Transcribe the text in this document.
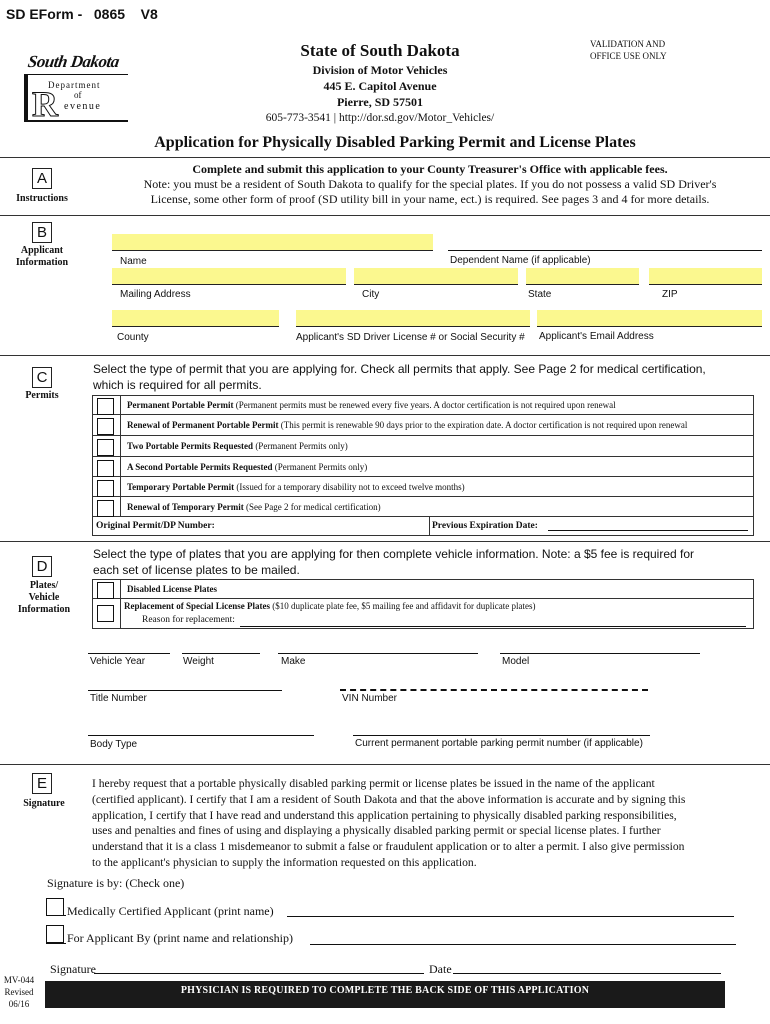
SD EForm -   0865    V8
VALIDATION AND
OFFICE USE ONLY
South Dakota
Department
of
R evenue
State of South Dakota
Division of Motor Vehicles
445 E. Capitol Avenue
Pierre, SD 57501
605-773-3541 | http://dor.sd.gov/Motor_Vehicles/
Application for Physically Disabled Parking Permit and License Plates
A
Instructions
Complete and submit this application to your County Treasurer's Office with applicable fees.
Note: you must be a resident of South Dakota to qualify for the special plates. If you do not possess a valid SD Driver's
License, some other form of proof (SD utility bill in your name, ect.) is required. See pages 3 and 4 for more details.
B
Applicant
Information	Name	Dependent Name (if applicable)
Mailing Address	City	State	ZIP
County	Applicant's SD Driver License # or Social Security # Applicant's Email Address
C
Permits
Select the type of permit that you are applying for. Check all permits that apply. See Page 2 for medical certification,
which is required for all permits.
Permanent Portable Permit (Permanent permits must be renewed every five years. A doctor certification is not required upon renewal
Renewal of Permanent Portable Permit (This permit is renewable 90 days prior to the expiration date. A doctor certification is not required upon renewal
Two Portable Permits Requested (Permanent Permits only)
A Second Portable Permits Requested (Permanent Permits only)
Temporary Portable Permit (Issued for a temporary disability not to exceed twelve months)
Renewal of Temporary Permit (See Page 2 for medical certification)
Original Permit/DP Number:	Previous Expiration Date:
D
Plates/
Vehicle
Information
Select the type of plates that you are applying for then complete vehicle information. Note: a $5 fee is required for
each set of license plates to be mailed.
Disabled License Plates
Replacement of Special License Plates ($10 duplicate plate fee, $5 mailing fee and affidavit for duplicate plates)
Reason for replacement:
Vehicle Year	Weight	Make	Model
Title Number	VIN Number
Body Type	Current permanent portable parking permit number (if applicable)
E
Signature
I hereby request that a portable physically disabled parking permit or license plates be issued in the name of the applicant
(certified applicant). I certify that I am a resident of South Dakota and that the above information is accurate and by signing this
application, I certify that I have read and understand this application pertaining to physically disabled parking responsibilities,
uses and penalties and fines of using and displaying a physically disabled parking permit or special license plates. I further
understand that it is a class 1 misdemeanor to submit a false or fraudulent application or to alter a permit. I also give permission
to the applicant's physician to supply the information requested on this application.
Signature is by: (Check one)
Medically Certified Applicant (print name)
For Applicant By (print name and relationship)
Signature	Date
MV-044
Revised
06/16
PHYSICIAN IS REQUIRED TO COMPLETE THE BACK SIDE OF THIS APPLICATION
